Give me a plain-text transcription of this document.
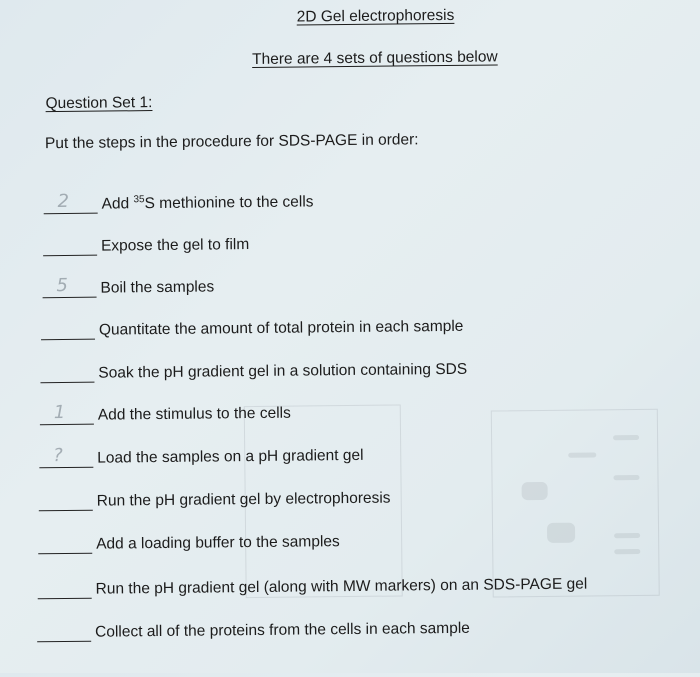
2D Gel electrophoresis
There are 4 sets of questions below
Question Set 1:
Put the steps in the procedure for SDS-PAGE in order:
2 Add $^{35}$S methionine to the cells
Expose the gel to film
5 Boil the samples
Quantitate the amount of total protein in each sample
Soak the pH gradient gel in a solution containing SDS
1 Add the stimulus to the cells
? Load the samples on a pH gradient gel
Run the pH gradient gel by electrophoresis
Add a loading buffer to the samples
Run the pH gradient gel (along with MW markers) on an SDS-PAGE gel
Collect all of the proteins from the cells in each sample
